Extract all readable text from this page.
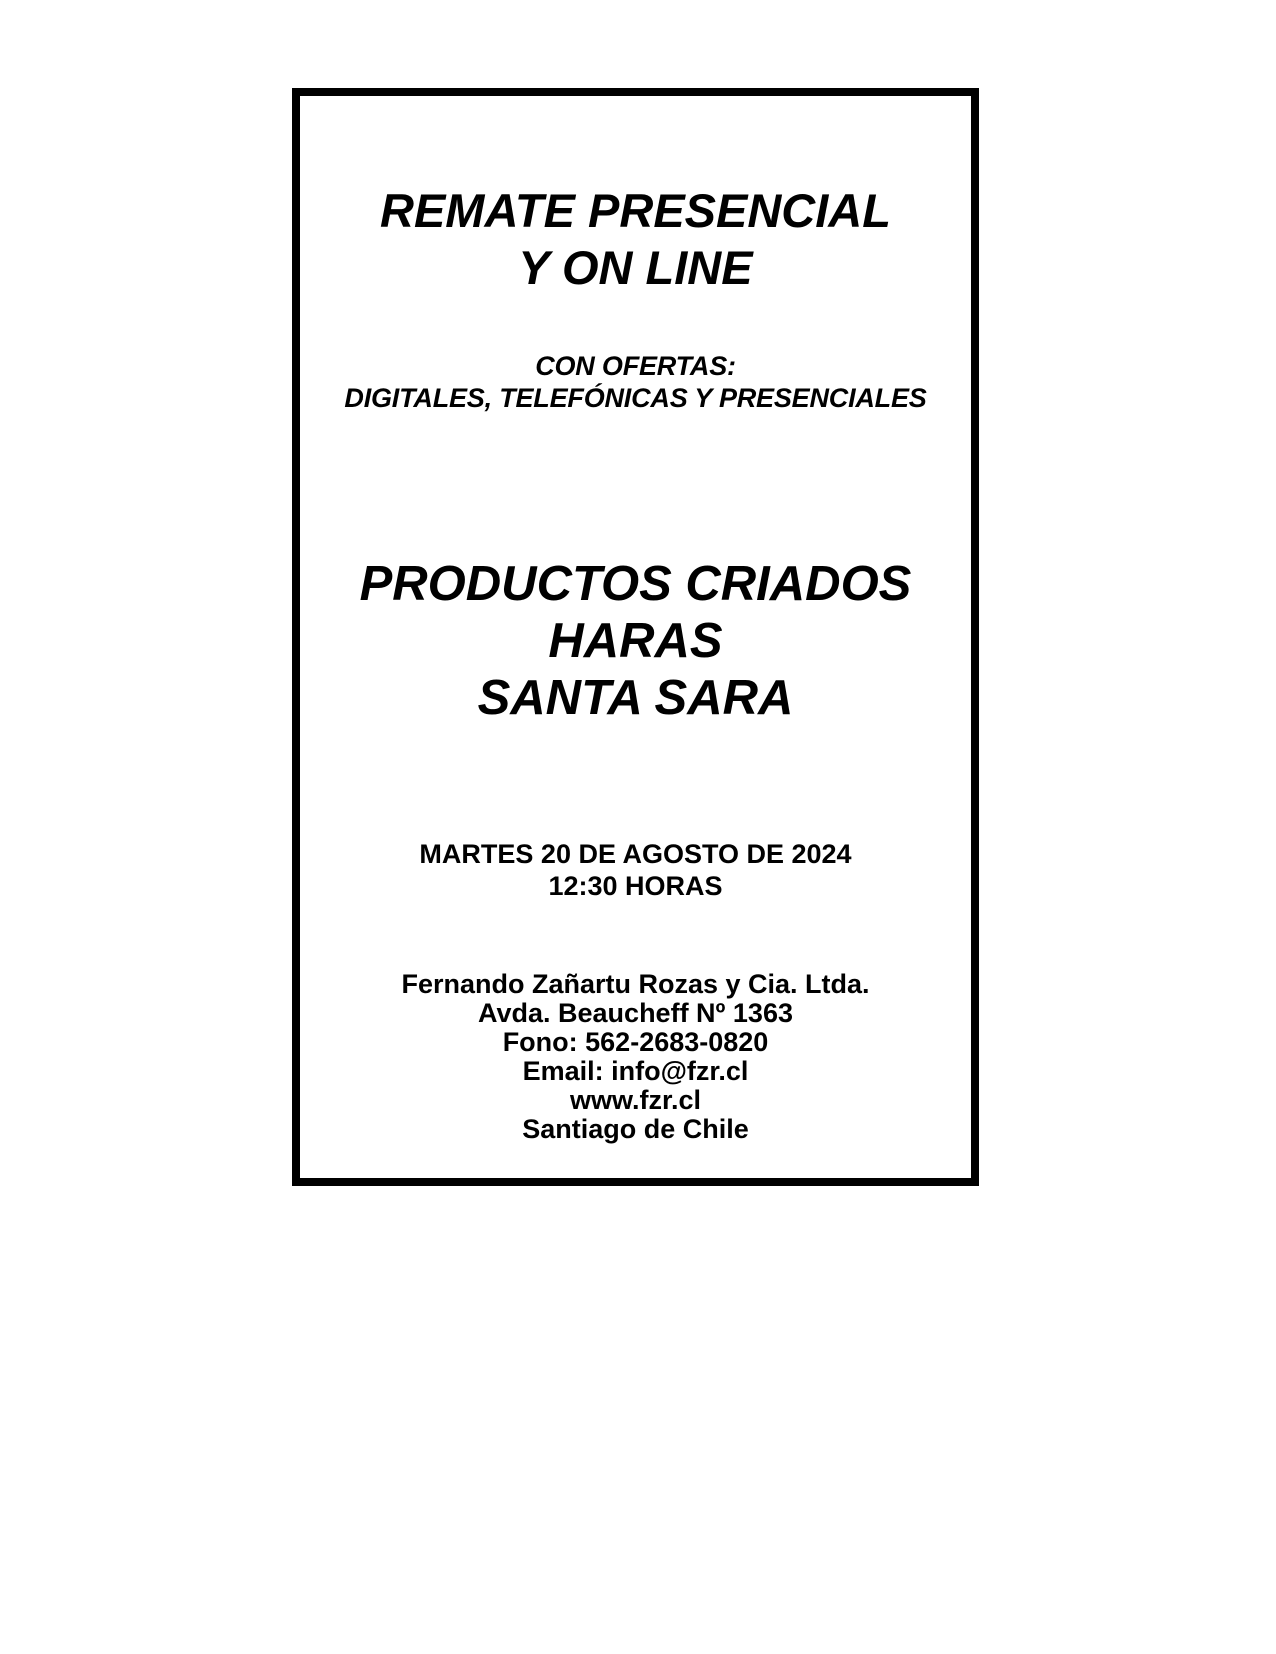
REMATE PRESENCIAL
Y ON LINE
CON OFERTAS:
DIGITALES, TELEFÓNICAS Y PRESENCIALES
PRODUCTOS CRIADOS
HARAS
SANTA SARA
MARTES 20 DE AGOSTO DE 2024
12:30 HORAS
Fernando Zañartu Rozas y Cia. Ltda.
Avda. Beaucheff Nº 1363
Fono: 562-2683-0820
Email: info@fzr.cl
www.fzr.cl
Santiago de Chile
